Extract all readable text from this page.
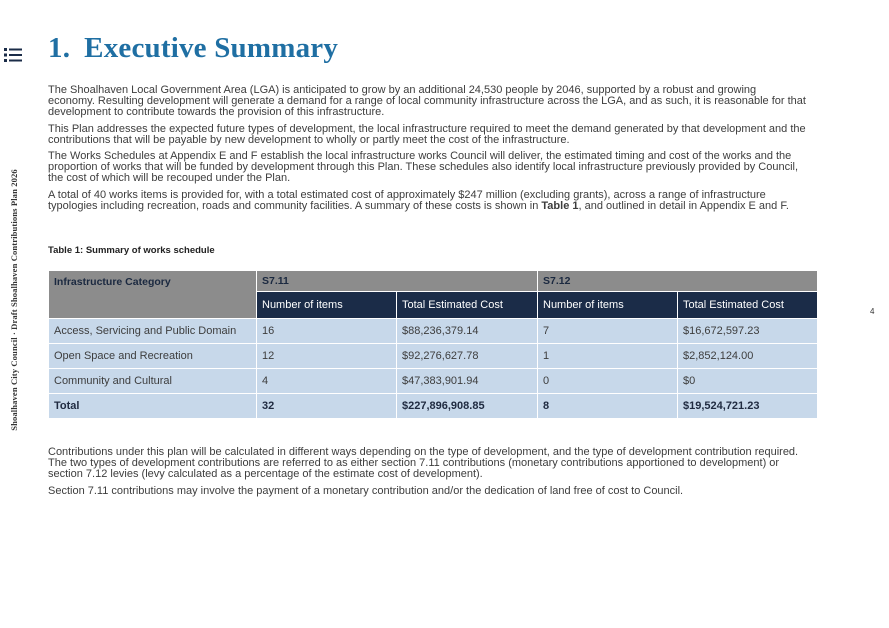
Shoalhaven City Council · Draft Shoalhaven Contributions Plan 2026	4
1. Executive Summary

The Shoalhaven Local Government Area (LGA) is anticipated to grow by an additional 24,530 people by 2046, supported by a robust and growing economy. Resulting development will generate a demand for a range of local community infrastructure across the LGA, and as such, it is reasonable for that development to contribute towards the provision of this infrastructure.

This Plan addresses the expected future types of development, the local infrastructure required to meet the demand generated by that development and the contributions that will be payable by new development to wholly or partly meet the cost of the infrastructure.

The Works Schedules at Appendix E and F establish the local infrastructure works Council will deliver, the estimated timing and cost of the works and the proportion of works that will be funded by development through this Plan. These schedules also identify local infrastructure previously provided by Council, the cost of which will be recouped under the Plan.

A total of 40 works items is provided for, with a total estimated cost of approximately $247 million (excluding grants), across a range of infrastructure typologies including recreation, roads and community facilities. A summary of these costs is shown in Table 1, and outlined in detail in Appendix E and F.

Table 1: Summary of works schedule
Infrastructure Category	S7.11		S7.12	
	Number of items	Total Estimated Cost	Number of items	Total Estimated Cost
Access, Servicing and Public Domain	16	$88,236,379.14	7	$16,672,597.23
Open Space and Recreation	12	$92,276,627.78	1	$2,852,124.00
Community and Cultural	4	$47,383,901.94	0	$0
Total	32	$227,896,908.85	8	$19,524,721.23

Contributions under this plan will be calculated in different ways depending on the type of development, and the type of development contribution required. The two types of development contributions are referred to as either section 7.11 contributions (monetary contributions apportioned to development) or section 7.12 levies (levy calculated as a percentage of the estimate cost of development).

Section 7.11 contributions may involve the payment of a monetary contribution and/or the dedication of land free of cost to Council.
